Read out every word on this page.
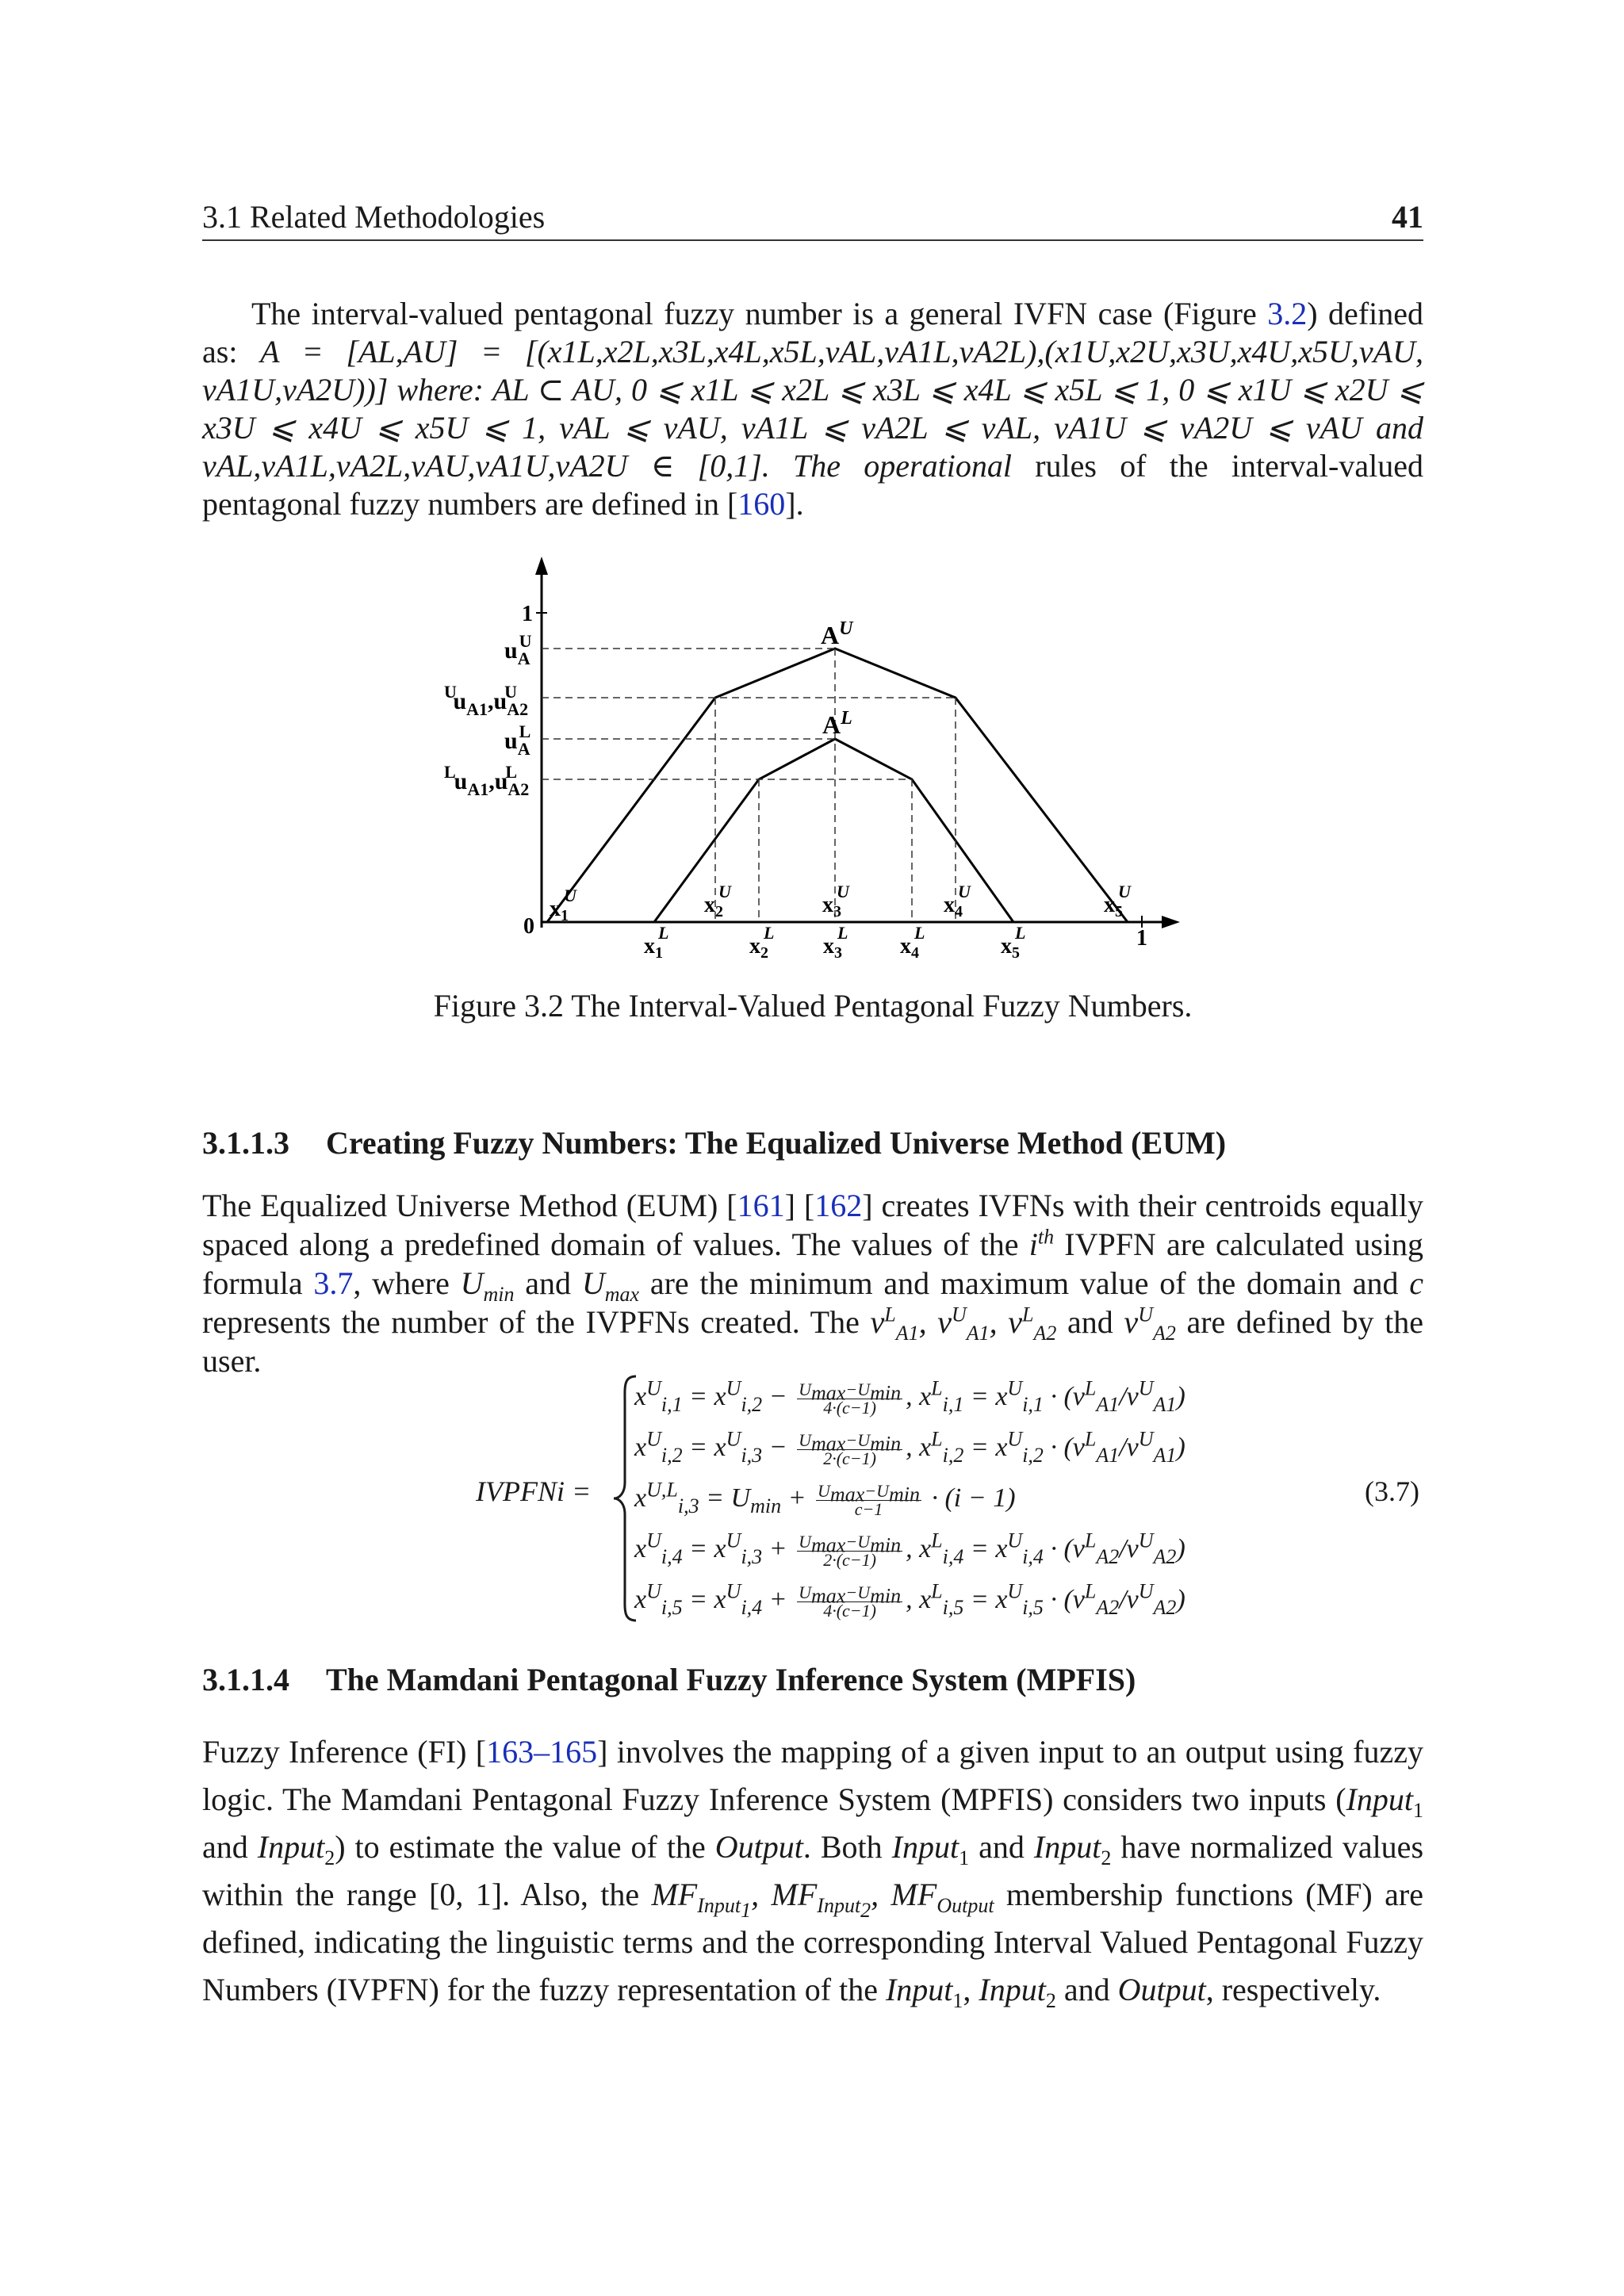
3.1 Related Methodologies	41
The interval-valued pentagonal fuzzy number is a general IVFN case (Figure 3.2) defined as: A = [AL,AU] = [(x1L,x2L,x3L,x4L,x5L,vAL,vA1L,vA2L),(x1U,x2U,x3U,x4U,x5U,vAU, vA1U,vA2U))] where: AL ⊂ AU, 0 ⩽ x1L ⩽ x2L ⩽ x3L ⩽ x4L ⩽ x5L ⩽ 1, 0 ⩽ x1U ⩽ x2U ⩽ x3U ⩽ x4U ⩽ x5U ⩽ 1, vAL ⩽ vAU, vA1L ⩽ vA2L ⩽ vAL, vA1U ⩽ vA2U ⩽ vAU and vAL,vA1L,vA2L,vAU,vA1U,vA2U ∈ [0,1]. The operational rules of the interval-valued pentagonal fuzzy numbers are defined in [160].
1
0	1
$u_AU$
$u_{A1},u_{A2}UU$
$u_AL$
$u_{A1},u_{A2}LL$
$A^U$
$A^L$
$x_1U$	$x_2U$
$x_3U$
$x_4U$
$x_5U$
$x_1L$
$x_2L$
$x_3L$
$x_4L$
$x_5L$
Figure 3.2 The Interval-Valued Pentagonal Fuzzy Numbers.
3.1.1.3 Creating Fuzzy Numbers: The Equalized Universe Method (EUM)
The Equalized Universe Method (EUM) [161] [162] creates IVFNs with their centroids equally spaced along a predefined domain of values. The values of the $i^{th}$ IVPFN are calculated using formula 3.7, where $U_{min}$ and $U_{max}$ are the minimum and maximum value of the domain and c represents the number of the IVPFNs created. The $v^L_{A1}$, $v^U_{A1}$, $v^L_{A2}$ and $v^U_{A2}$ are defined by the user.
IVPFNi =
$x^U_{i,1} = x^U_{i,2} - \frac{U_{max}-U_{min}}{4\cdot(c-1)}$ , $x^L_{i,1} = x^U_{i,1} \cdot (v^L_{A1}/v^U_{A1})$
$x^U_{i,2} = x^U_{i,3} - \frac{U_{max}-U_{min}}{2\cdot(c-1)}$ , $x^L_{i,2} = x^U_{i,2} \cdot (v^L_{A1}/v^U_{A1})$
$x^{U,L}_{i,3} = U_{min} + \frac{U_{max}-U_{min}}{c-1} \cdot (i - 1)$
$x^U_{i,4} = x^U_{i,3} + \frac{U_{max}-U_{min}}{2\cdot(c-1)}$ , $x^L_{i,4} = x^U_{i,4} \cdot (v^L_{A2}/v^U_{A2})$
$x^U_{i,5} = x^U_{i,4} + \frac{U_{max}-U_{min}}{4\cdot(c-1)}$ , $x^L_{i,5} = x^U_{i,5} \cdot (v^L_{A2}/v^U_{A2})$
(3.7)
3.1.1.4 The Mamdani Pentagonal Fuzzy Inference System (MPFIS)
Fuzzy Inference (FI) [163–165] involves the mapping of a given input to an output using fuzzy logic. The Mamdani Pentagonal Fuzzy Inference System (MPFIS) considers two inputs (Input$_1$ and Input$_2$) to estimate the value of the Output. Both Input$_1$ and Input$_2$ have normalized values within the range [0, 1]. Also, the $MF_{Input_1}$, $MF_{Input_2}$, $MF_{Output}$ membership functions (MF) are defined, indicating the linguistic terms and the corresponding Interval Valued Pentagonal Fuzzy Numbers (IVPFN) for the fuzzy representation of the Input$_1$, Input$_2$ and Output, respectively.
